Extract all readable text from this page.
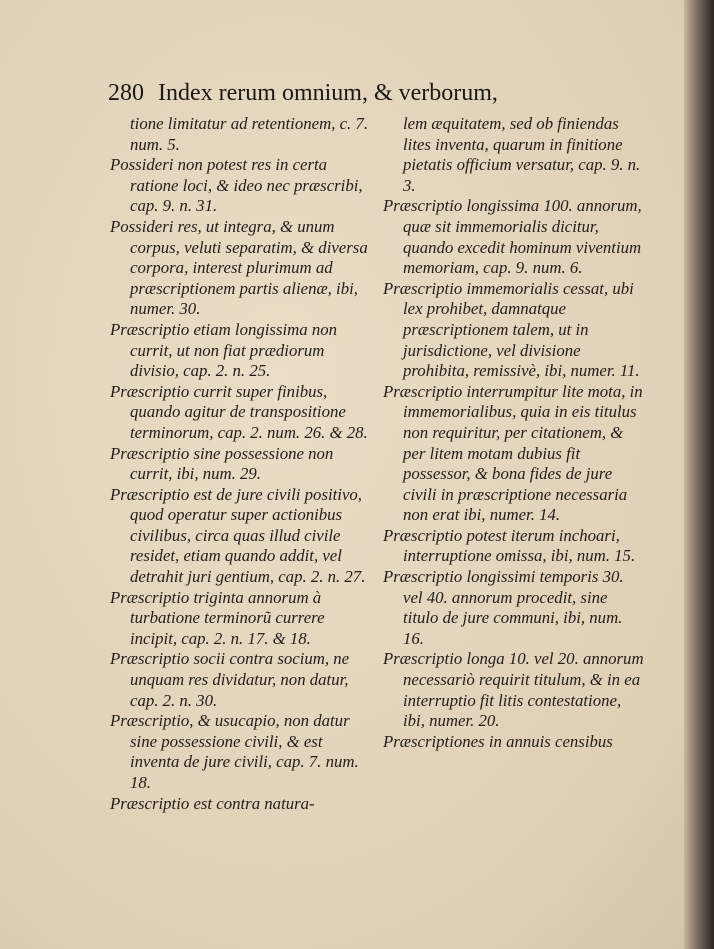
280 Index rerum omnium, & verborum,
tione limitatur ad retentionem, c. 7. num. 5.
Possideri non potest res in certa ratione loci, & ideo nec præscribi, cap. 9. n. 31.
Possideri res, ut integra, & unum corpus, veluti separatim, & diversa corpora, interest plurimum ad præscriptionem partis alienæ, ibi, numer. 30.
Præscriptio etiam longissima non currit, ut non fiat prædiorum divisio, cap. 2. n. 25.
Præscriptio currit super finibus, quando agitur de transpositione terminorum, cap. 2. num. 26. & 28.
Præscriptio sine possessione non currit, ibi, num. 29.
Præscriptio est de jure civili positivo, quod operatur super actionibus civilibus, circa quas illud civile residet, etiam quando addit, vel detrahit juri gentium, cap. 2. n. 27.
Præscriptio triginta annorum à turbatione terminorũ currere incipit, cap. 2. n. 17. & 18.
Præscriptio socii contra socium, ne unquam res dividatur, non datur, cap. 2. n. 30.
Præscriptio, & usucapio, non datur sine possessione civili, & est inventa de jure civili, cap. 7. num. 18.
Præscriptio est contra natura-
lem æquitatem, sed ob finiendas lites inventa, quarum in finitione pietatis officium versatur, cap. 9. n. 3.
Præscriptio longissima 100. annorum, quæ sit immemorialis dicitur, quando excedit hominum viventium memoriam, cap. 9. num. 6.
Præscriptio immemorialis cessat, ubi lex prohibet, damnatque præscriptionem talem, ut in jurisdictione, vel divisione prohibita, remissivè, ibi, numer. 11.
Præscriptio interrumpitur lite mota, in immemorialibus, quia in eis titulus non requiritur, per citationem, & per litem motam dubius fit possessor, & bona fides de jure civili in præscriptione necessaria non erat ibi, numer. 14.
Præscriptio potest iterum inchoari, interruptione omissa, ibi, num. 15.
Præscriptio longissimi temporis 30. vel 40. annorum procedit, sine titulo de jure communi, ibi, num. 16.
Præscriptio longa 10. vel 20. annorum necessariò requirit titulum, & in ea interruptio fit litis contestatione, ibi, numer. 20.
Præscriptiones in annuis censibus
